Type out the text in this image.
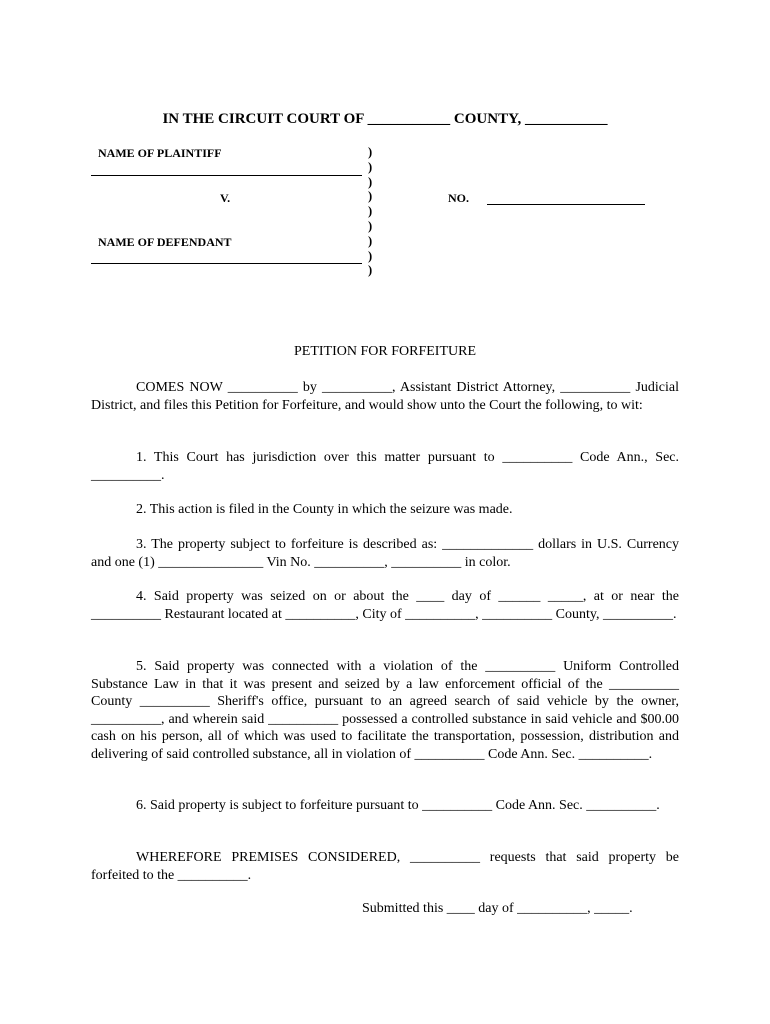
IN THE CIRCUIT COURT OF ___________ COUNTY, ___________
NAME OF PLAINTIFF
V.
NAME OF DEFENDANT
)
)
)
)
)
)
)
)
)
NO.
PETITION FOR FORFEITURE

COMES NOW __________ by __________, Assistant District Attorney, __________ Judicial District, and files this Petition for Forfeiture, and would show unto the Court the following, to wit:

1. This Court has jurisdiction over this matter pursuant to __________ Code Ann., Sec. __________.

2. This action is filed in the County in which the seizure was made.

3. The property subject to forfeiture is described as: _____________ dollars in U.S. Currency and one (1) _______________ Vin No. __________, __________ in color.

4. Said property was seized on or about the ____ day of ______ _____, at or near the __________ Restaurant located at __________, City of __________, __________ County, __________.

5. Said property was connected with a violation of the __________ Uniform Controlled Substance Law in that it was present and seized by a law enforcement official of the __________ County __________ Sheriff's office, pursuant to an agreed search of said vehicle by the owner, __________, and wherein said __________ possessed a controlled substance in said vehicle and $00.00 cash on his person, all of which was used to facilitate the transportation, possession, distribution and delivering of said controlled substance, all in violation of __________ Code Ann. Sec. __________.

6. Said property is subject to forfeiture pursuant to __________ Code Ann. Sec. __________.

WHEREFORE PREMISES CONSIDERED, __________ requests that said property be forfeited to the __________.

Submitted this ____ day of __________, _____.
